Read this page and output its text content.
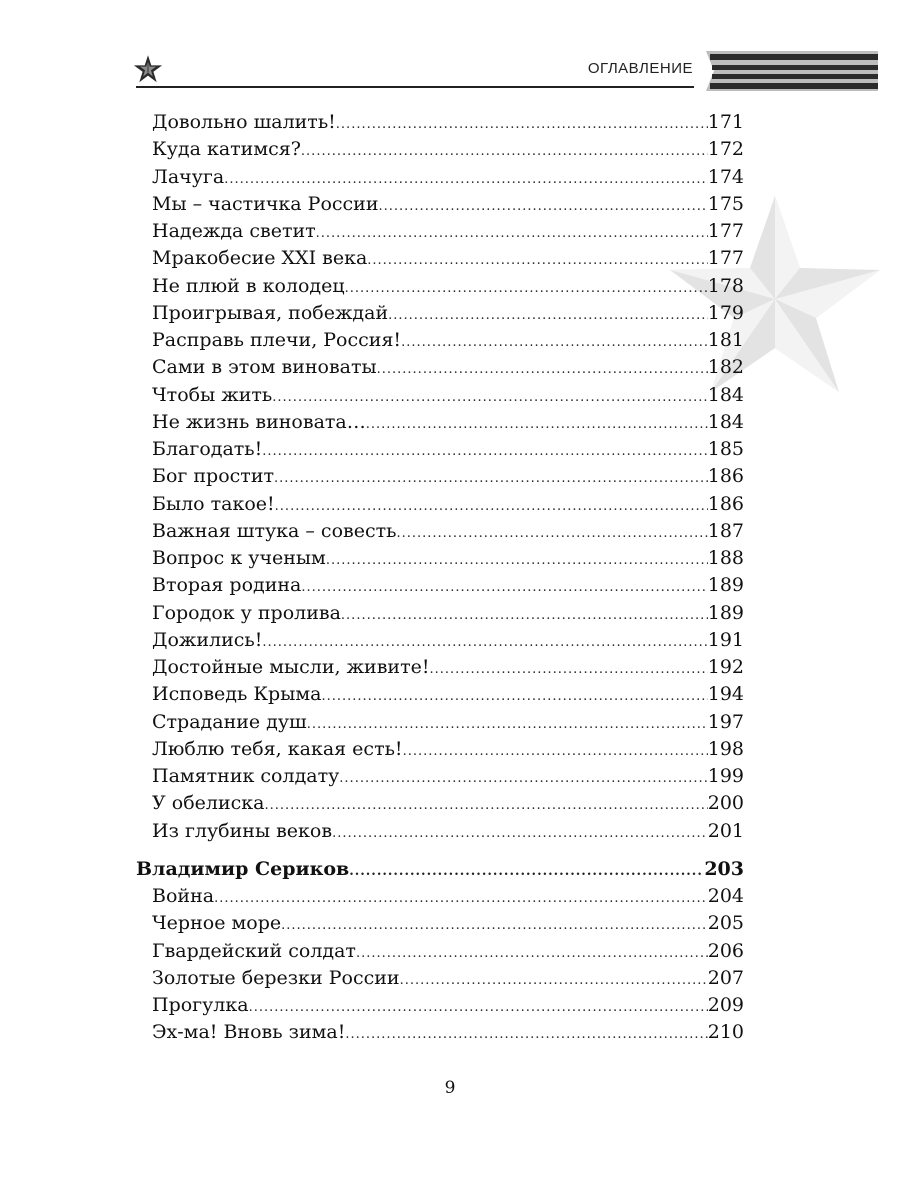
ОГЛАВЛЕНИЕ
Довольно шалить! .....	171
Куда катимся? .....	172
Лачуга .....	174
Мы – частичка России .....	175
Надежда светит .....	177
Мракобесие XXI века .....	177
Не плюй в колодец .....	178
Проигрывая, побеждай .....	179
Расправь плечи, Россия! .....	181
Сами в этом виноваты .....	182
Чтобы жить .....	184
Не жизнь виновата… .....	184
Благодать! .....	185
Бог простит .....	186
Было такое! .....	186
Важная штука – совесть .....	187
Вопрос к ученым .....	188
Вторая родина .....	189
Городок у пролива .....	189
Дожились! .....	191
Достойные мысли, живите! .....	192
Исповедь Крыма .....	194
Страдание душ .....	197
Люблю тебя, какая есть! .....	198
Памятник солдату .....	199
У обелиска .....	200
Из глубины веков .....	201
Владимир Сериков .....	203
Война .....	204
Черное море .....	205
Гвардейский солдат .....	206
Золотые березки России .....	207
Прогулка .....	209
Эх-ма! Вновь зима! .....	210
9
